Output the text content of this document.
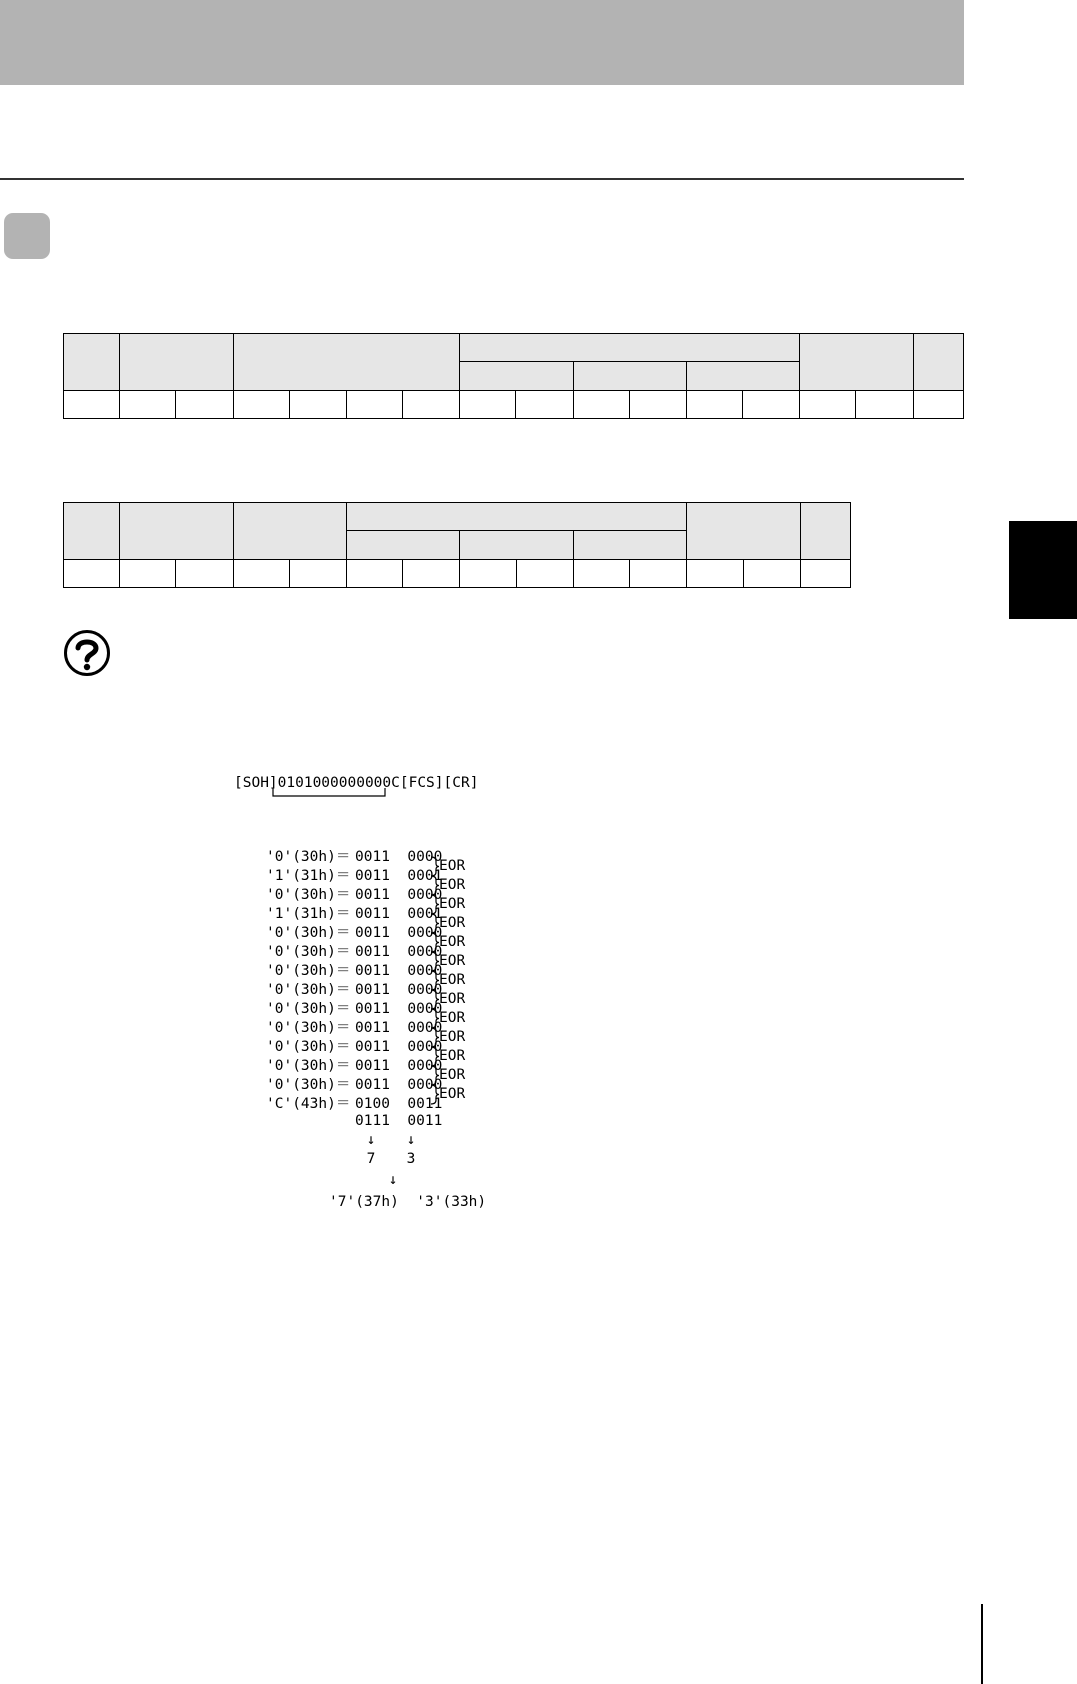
[SOH]0101000000000C[FCS][CR]
'0'(30h)＝ 0011  0000
EOR
'1'(31h)＝ 0011  0001
EOR
'0'(30h)＝ 0011  0000
EOR
'1'(31h)＝ 0011  0001
EOR
'0'(30h)＝ 0011  0000
EOR
'0'(30h)＝ 0011  0000
EOR
'0'(30h)＝ 0011  0000
EOR
'0'(30h)＝ 0011  0000
EOR
'0'(30h)＝ 0011  0000
EOR
'0'(30h)＝ 0011  0000
EOR
'0'(30h)＝ 0011  0000
EOR
'0'(30h)＝ 0011  0000
EOR
'0'(30h)＝ 0011  0000
EOR
'C'(43h)＝ 0100  0011
0111  0011
↓ ↓
7 3
↓
'7'(37h)  '3'(33h)
